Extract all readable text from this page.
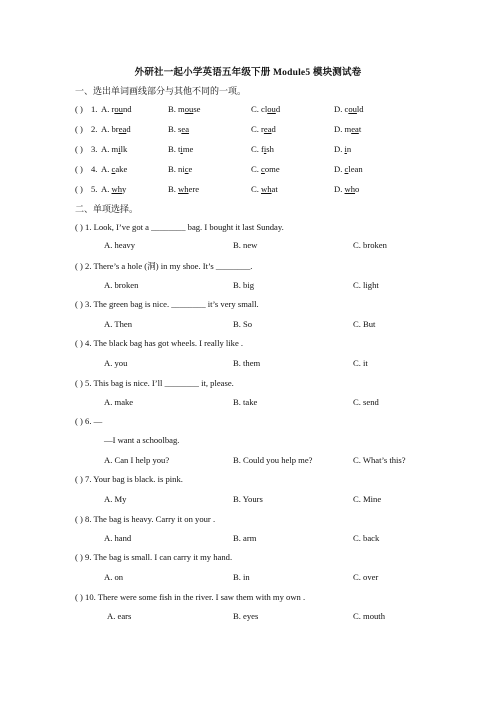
外研社一起小学英语五年级下册 Module5 模块测试卷
一、选出单词画线部分与其他不同的一项。
( ) 1. A. round	B. mouse	C. cloud	D. could
( ) 2. A. bread	B. sea	C. read	D. meat
( ) 3. A. milk	B. time	C. fish	D. in
( ) 4. A. cake	B. nice	C. come	D. clean
( ) 5. A. why	B. where	C. what	D. who
二、单项选择。
( ) 1. Look, I’ve got a ________ bag. I bought it last Sunday.
A. heavy	B. new	C. broken
( ) 2. There’s a hole (洞) in my shoe. It’s ________.
A. broken	B. big	C. light
( ) 3. The green bag is nice. ________ it’s very small.
A. Then	B. So	C. But
( ) 4. The black bag has got wheels. I really like .
A. you	B. them	C. it
( ) 5. This bag is nice. I’ll ________ it, please.
A. make	B. take	C. send
( ) 6. —
—I want a schoolbag.
A. Can I help you?	B. Could you help me?	C. What’s this?
( ) 7. Your bag is black. is pink.
A. My	B. Yours	C. Mine
( ) 8. The bag is heavy. Carry it on your .
A. hand	B. arm	C. back
( ) 9. The bag is small. I can carry it my hand.
A. on	B. in	C. over
( ) 10. There were some fish in the river. I saw them with my own .
A. ears	B. eyes	C. mouth
